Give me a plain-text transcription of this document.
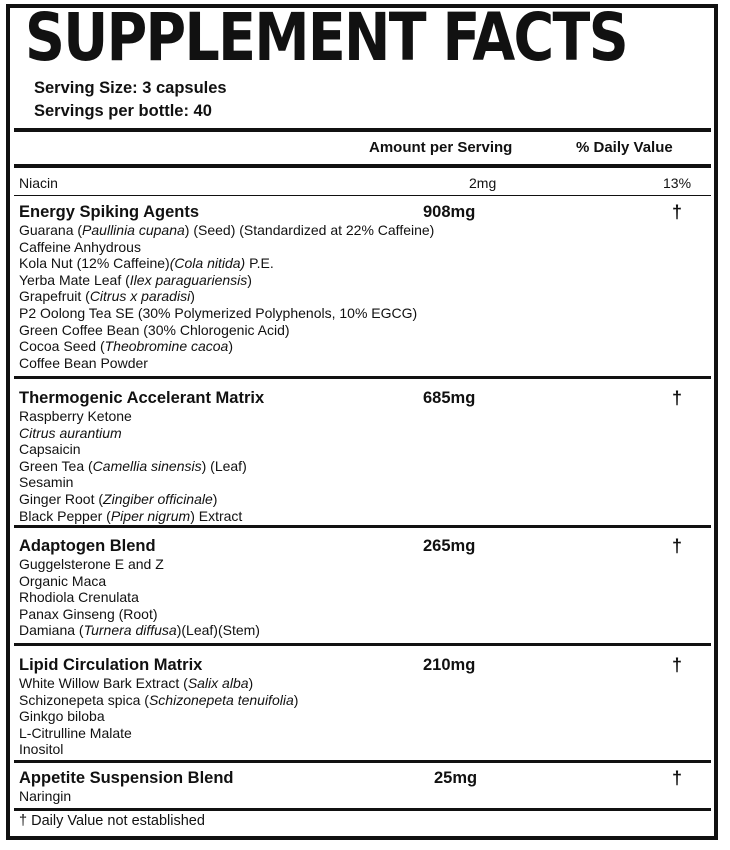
SUPPLEMENT FACTS
Serving Size: 3 capsules
Servings per bottle: 40
Amount per Serving	% Daily Value
Niacin	2mg	13%
Energy Spiking Agents	908mg	†
Guarana (Paullinia cupana) (Seed) (Standardized at 22% Caffeine)
Caffeine Anhydrous
Kola Nut (12% Caffeine)(Cola nitida) P.E.
Yerba Mate Leaf (Ilex paraguariensis)
Grapefruit (Citrus x paradisi)
P2 Oolong Tea SE (30% Polymerized Polyphenols, 10% EGCG)
Green Coffee Bean (30% Chlorogenic Acid)
Cocoa Seed (Theobromine cacoa)
Coffee Bean Powder
Thermogenic Accelerant Matrix	685mg	†
Raspberry Ketone
Citrus aurantium
Capsaicin
Green Tea (Camellia sinensis) (Leaf)
Sesamin
Ginger Root (Zingiber officinale)
Black Pepper (Piper nigrum) Extract
Adaptogen Blend	265mg	†
Guggelsterone E and Z
Organic Maca
Rhodiola Crenulata
Panax Ginseng (Root)
Damiana (Turnera diffusa)(Leaf)(Stem)
Lipid Circulation Matrix	210mg	†
White Willow Bark Extract (Salix alba)
Schizonepeta spica (Schizonepeta tenuifolia)
Ginkgo biloba
L-Citrulline Malate
Inositol
Appetite Suspension Blend	25mg	†
Naringin
† Daily Value not established
